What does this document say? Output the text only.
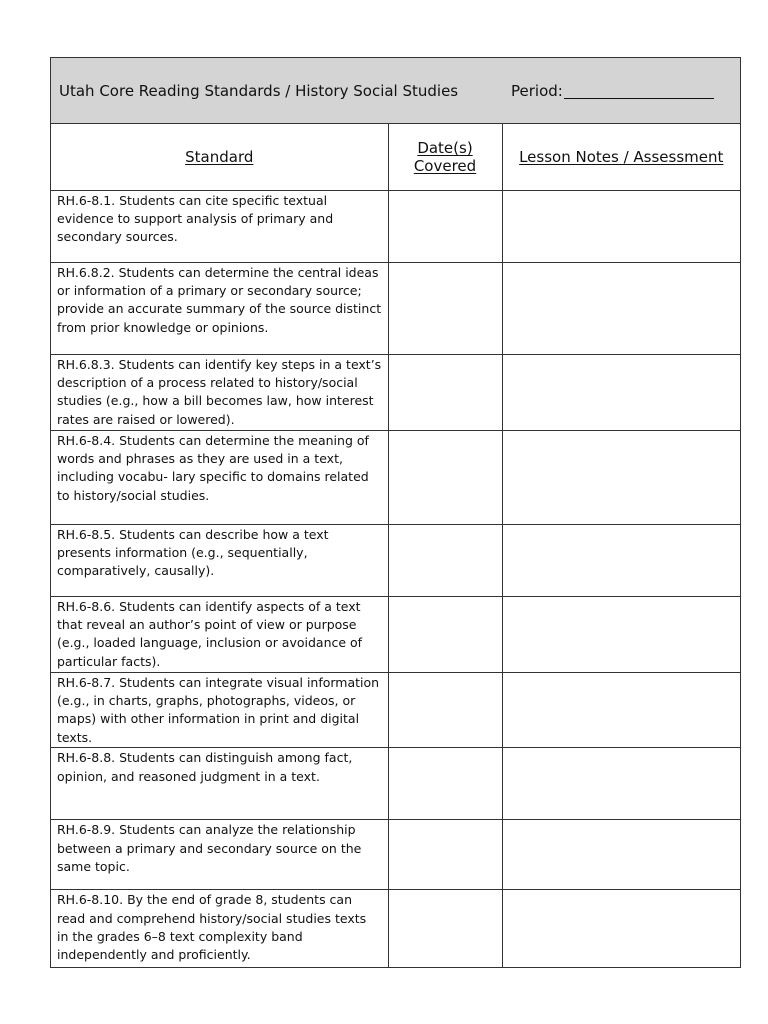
Utah Core Reading Standards / History Social Studies	Period:
Standard	Date(s) Covered	Lesson Notes / Assessment
RH.6-8.1. Students can cite specific textual evidence to support analysis of primary and secondary sources.		
RH.6.8.2. Students can determine the central ideas or information of a primary or secondary source; provide an accurate summary of the source distinct from prior knowledge or opinions.		
RH.6.8.3. Students can identify key steps in a text’s description of a process related to history/social studies (e.g., how a bill becomes law, how interest rates are raised or lowered).		
RH.6-8.4. Students can determine the meaning of words and phrases as they are used in a text, including vocabu- lary specific to domains related to history/social studies.		
RH.6-8.5. Students can describe how a text presents information (e.g., sequentially, comparatively, causally).		
RH.6-8.6. Students can identify aspects of a text that reveal an author’s point of view or purpose (e.g., loaded language, inclusion or avoidance of particular facts).		
RH.6-8.7. Students can integrate visual information (e.g., in charts, graphs, photographs, videos, or maps) with other information in print and digital texts.		
RH.6-8.8. Students can distinguish among fact, opinion, and reasoned judgment in a text.		
RH.6-8.9. Students can analyze the relationship between a primary and secondary source on the same topic.		
RH.6-8.10. By the end of grade 8, students can read and comprehend history/social studies texts in the grades 6–8 text complexity band independently and proficiently.		
